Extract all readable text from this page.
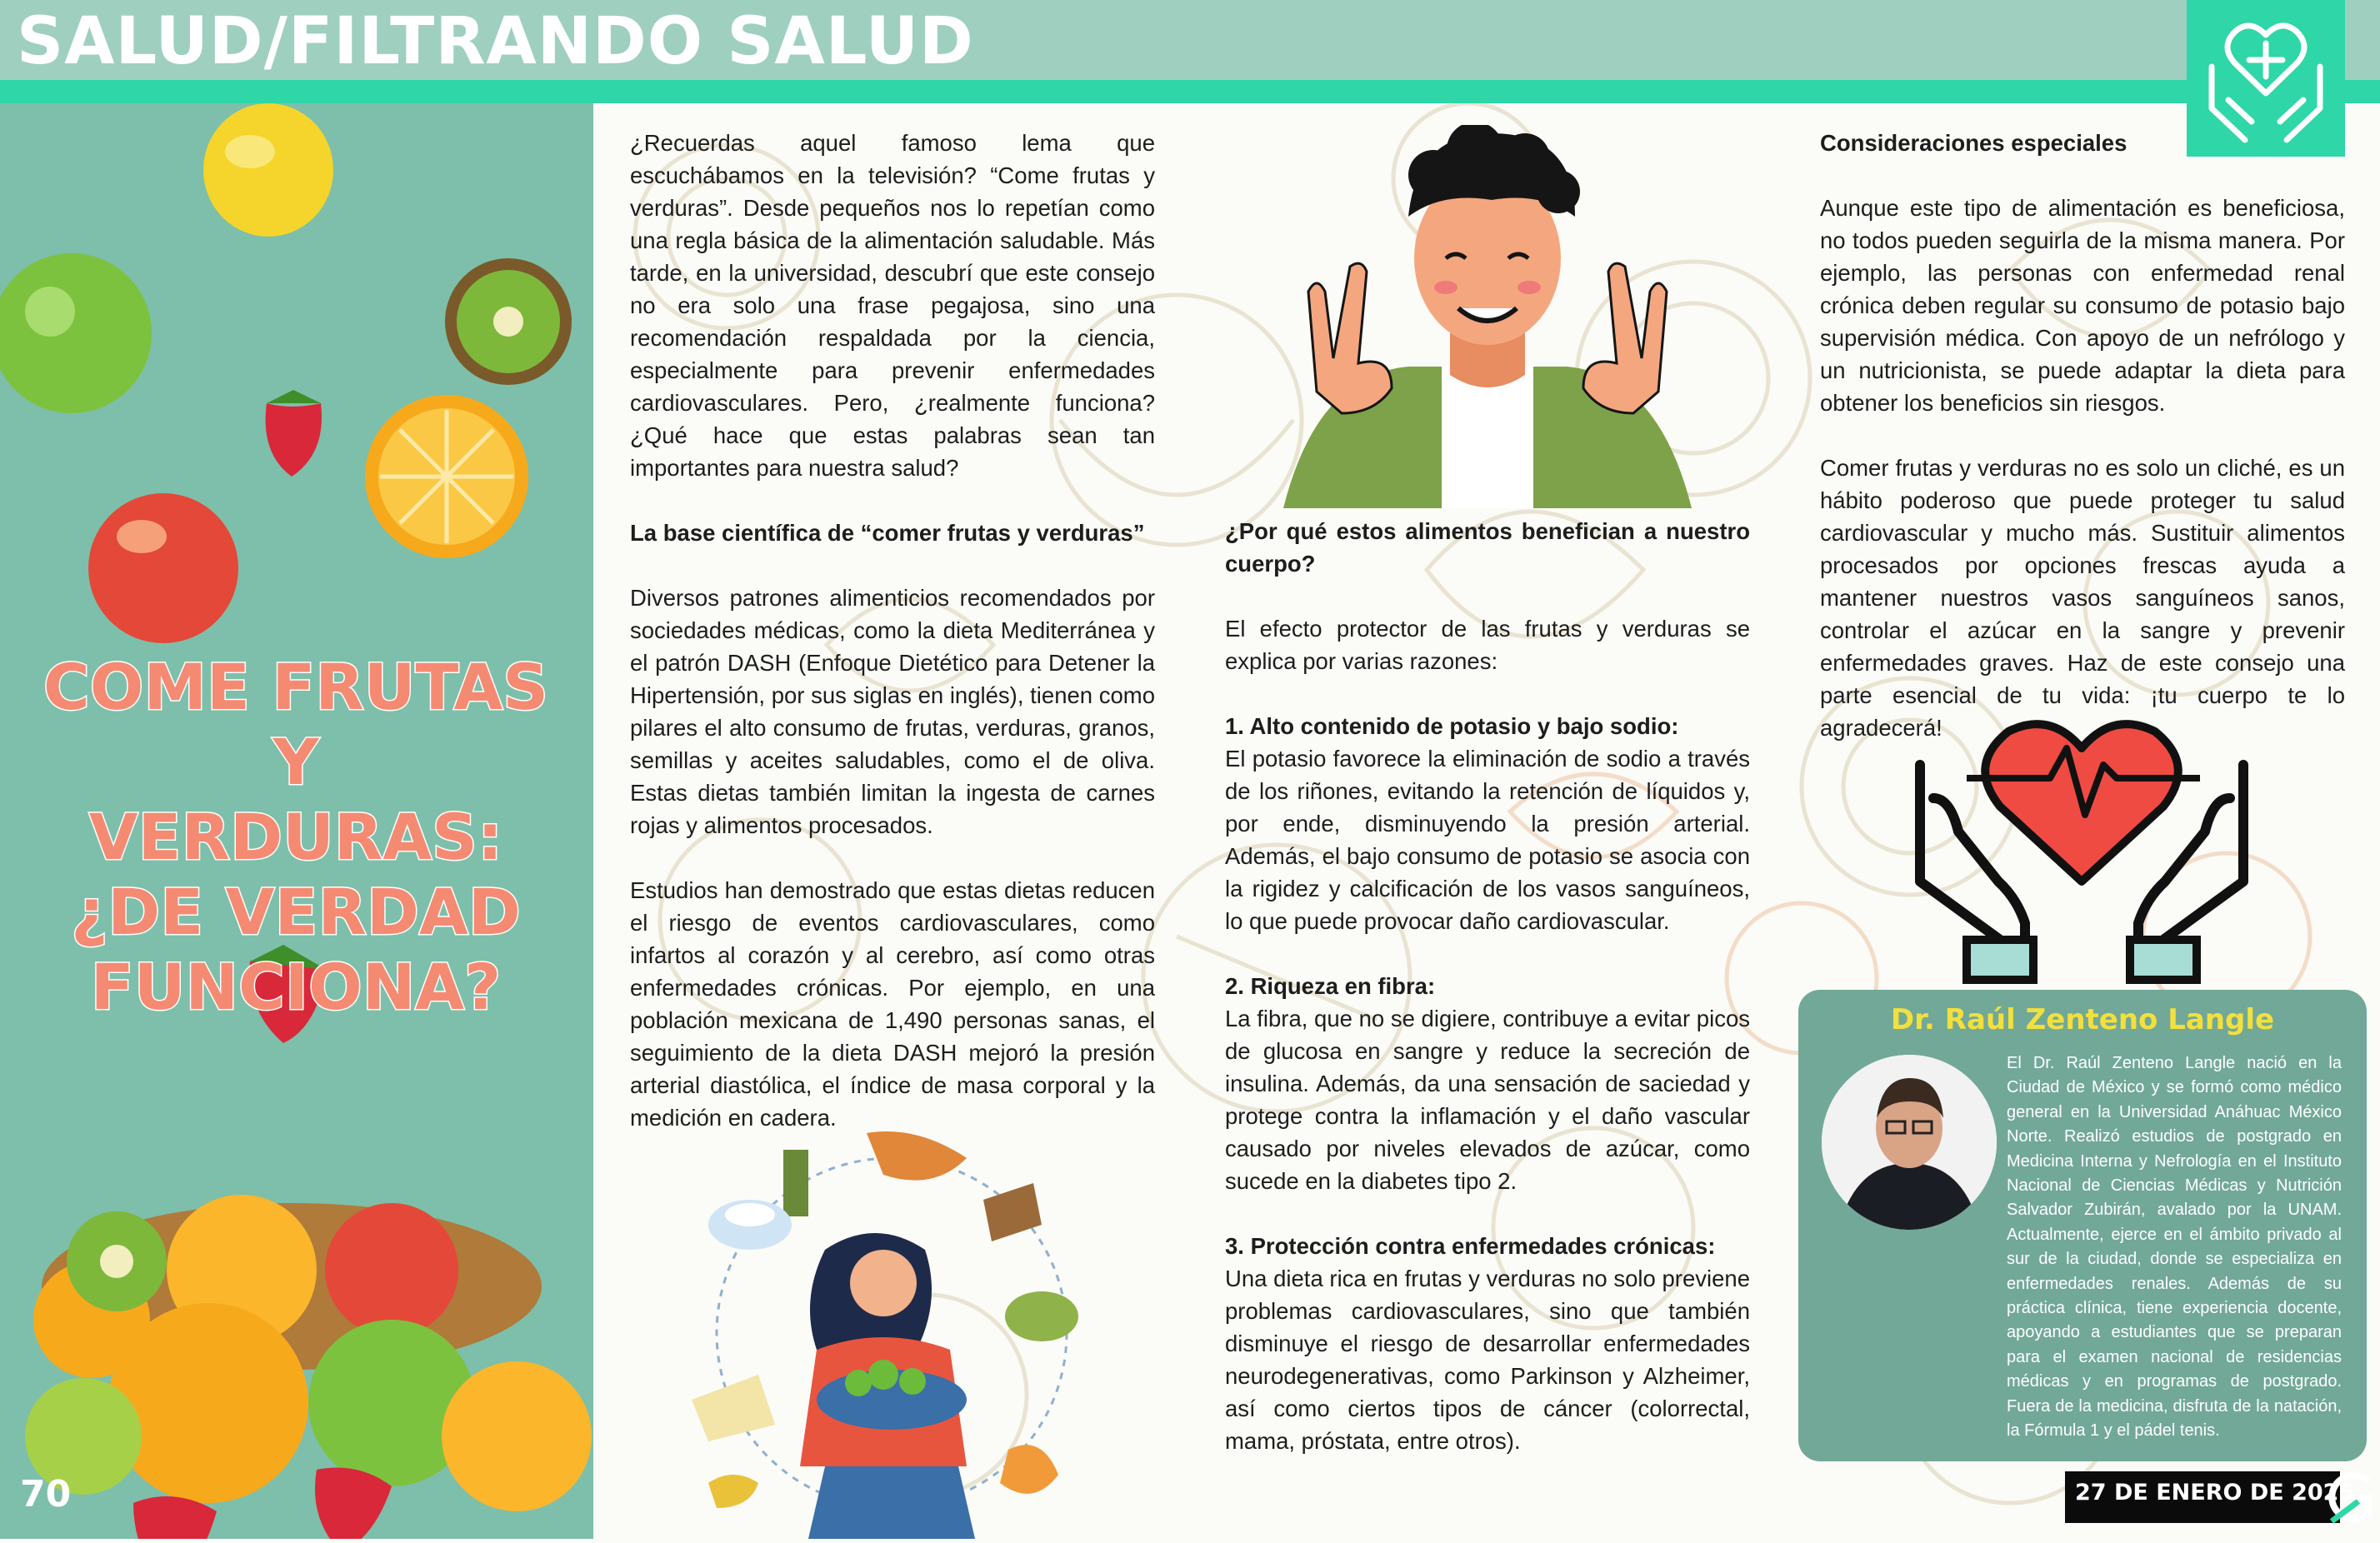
SALUD/FILTRANDO SALUD
COME FRUTAS Y
VERDURAS:
¿DE VERDAD
FUNCIONA?
70

¿Recuerdas aquel famoso lema que escuchábamos en la televisión? “Come frutas y verduras”. Desde pequeños nos lo repetían como una regla básica de la alimentación saludable. Más tarde, en la universidad, descubrí que este consejo no era solo una frase pegajosa, sino una recomendación respaldada por la ciencia, especialmente para prevenir enfermedades cardiovasculares. Pero, ¿realmente funciona? ¿Qué hace que estas palabras sean tan importantes para nuestra salud?

La base científica de “comer frutas y verduras”

Diversos patrones alimenticios recomendados por sociedades médicas, como la dieta Mediterránea y el patrón DASH (Enfoque Dietético para Detener la Hipertensión, por sus siglas en inglés), tienen como pilares el alto consumo de frutas, verduras, granos, semillas y aceites saludables, como el de oliva. Estas dietas también limitan la ingesta de carnes rojas y alimentos procesados.

Estudios han demostrado que estas dietas reducen el riesgo de eventos cardiovasculares, como infartos al corazón y al cerebro, así como otras enfermedades crónicas. Por ejemplo, en una población mexicana de 1,490 personas sanas, el seguimiento de la dieta DASH mejoró la presión arterial diastólica, el índice de masa corporal y la medición en cadera.

¿Por qué estos alimentos benefician a nuestro cuerpo?

El efecto protector de las frutas y verduras se explica por varias razones:

1. Alto contenido de potasio y bajo sodio:

El potasio favorece la eliminación de sodio a través de los riñones, evitando la retención de líquidos y, por ende, disminuyendo la presión arterial. Además, el bajo consumo de potasio se asocia con la rigidez y calcificación de los vasos sanguíneos, lo que puede provocar daño cardiovascular.

2. Riqueza en fibra:

La fibra, que no se digiere, contribuye a evitar picos de glucosa en sangre y reduce la secreción de insulina. Además, da una sensación de saciedad y protege contra la inflamación y el daño vascular causado por niveles elevados de azúcar, como sucede en la diabetes tipo 2.

3. Protección contra enfermedades crónicas:

Una dieta rica en frutas y verduras no solo previene problemas cardiovasculares, sino que también disminuye el riesgo de desarrollar enfermedades neurodegenerativas, como Parkinson y Alzheimer, así como ciertos tipos de cáncer (colorrectal, mama, próstata, entre otros).

Consideraciones especiales

Aunque este tipo de alimentación es beneficiosa, no todos pueden seguirla de la misma manera. Por ejemplo, las personas con enfermedad renal crónica deben regular su consumo de potasio bajo supervisión médica. Con apoyo de un nefrólogo y un nutricionista, se puede adaptar la dieta para obtener los beneficios sin riesgos.

Comer frutas y verduras no es solo un cliché, es un hábito poderoso que puede proteger tu salud cardiovascular y mucho más. Sustituir alimentos procesados por opciones frescas ayuda a mantener nuestros vasos sanguíneos sanos, controlar el azúcar en la sangre y prevenir enfermedades graves. Haz de este consejo una parte esencial de tu vida: ¡tu cuerpo te lo agradecerá!

Dr. Raúl Zenteno Langle
El Dr. Raúl Zenteno Langle nació en la Ciudad de México y se formó como médico general en la Universidad Anáhuac México Norte. Realizó estudios de postgrado en Medicina Interna y Nefrología en el Instituto Nacional de Ciencias Médicas y Nutrición Salvador Zubirán, avalado por la UNAM. Actualmente, ejerce en el ámbito privado al sur de la ciudad, donde se especializa en enfermedades renales. Además de su práctica clínica, tiene experiencia docente, apoyando a estudiantes que se preparan para el examen nacional de residencias médicas y en programas de postgrado. Fuera de la medicina, disfruta de la natación, la Fórmula 1 y el pádel tenis.
27 DE ENERO DE 2025
